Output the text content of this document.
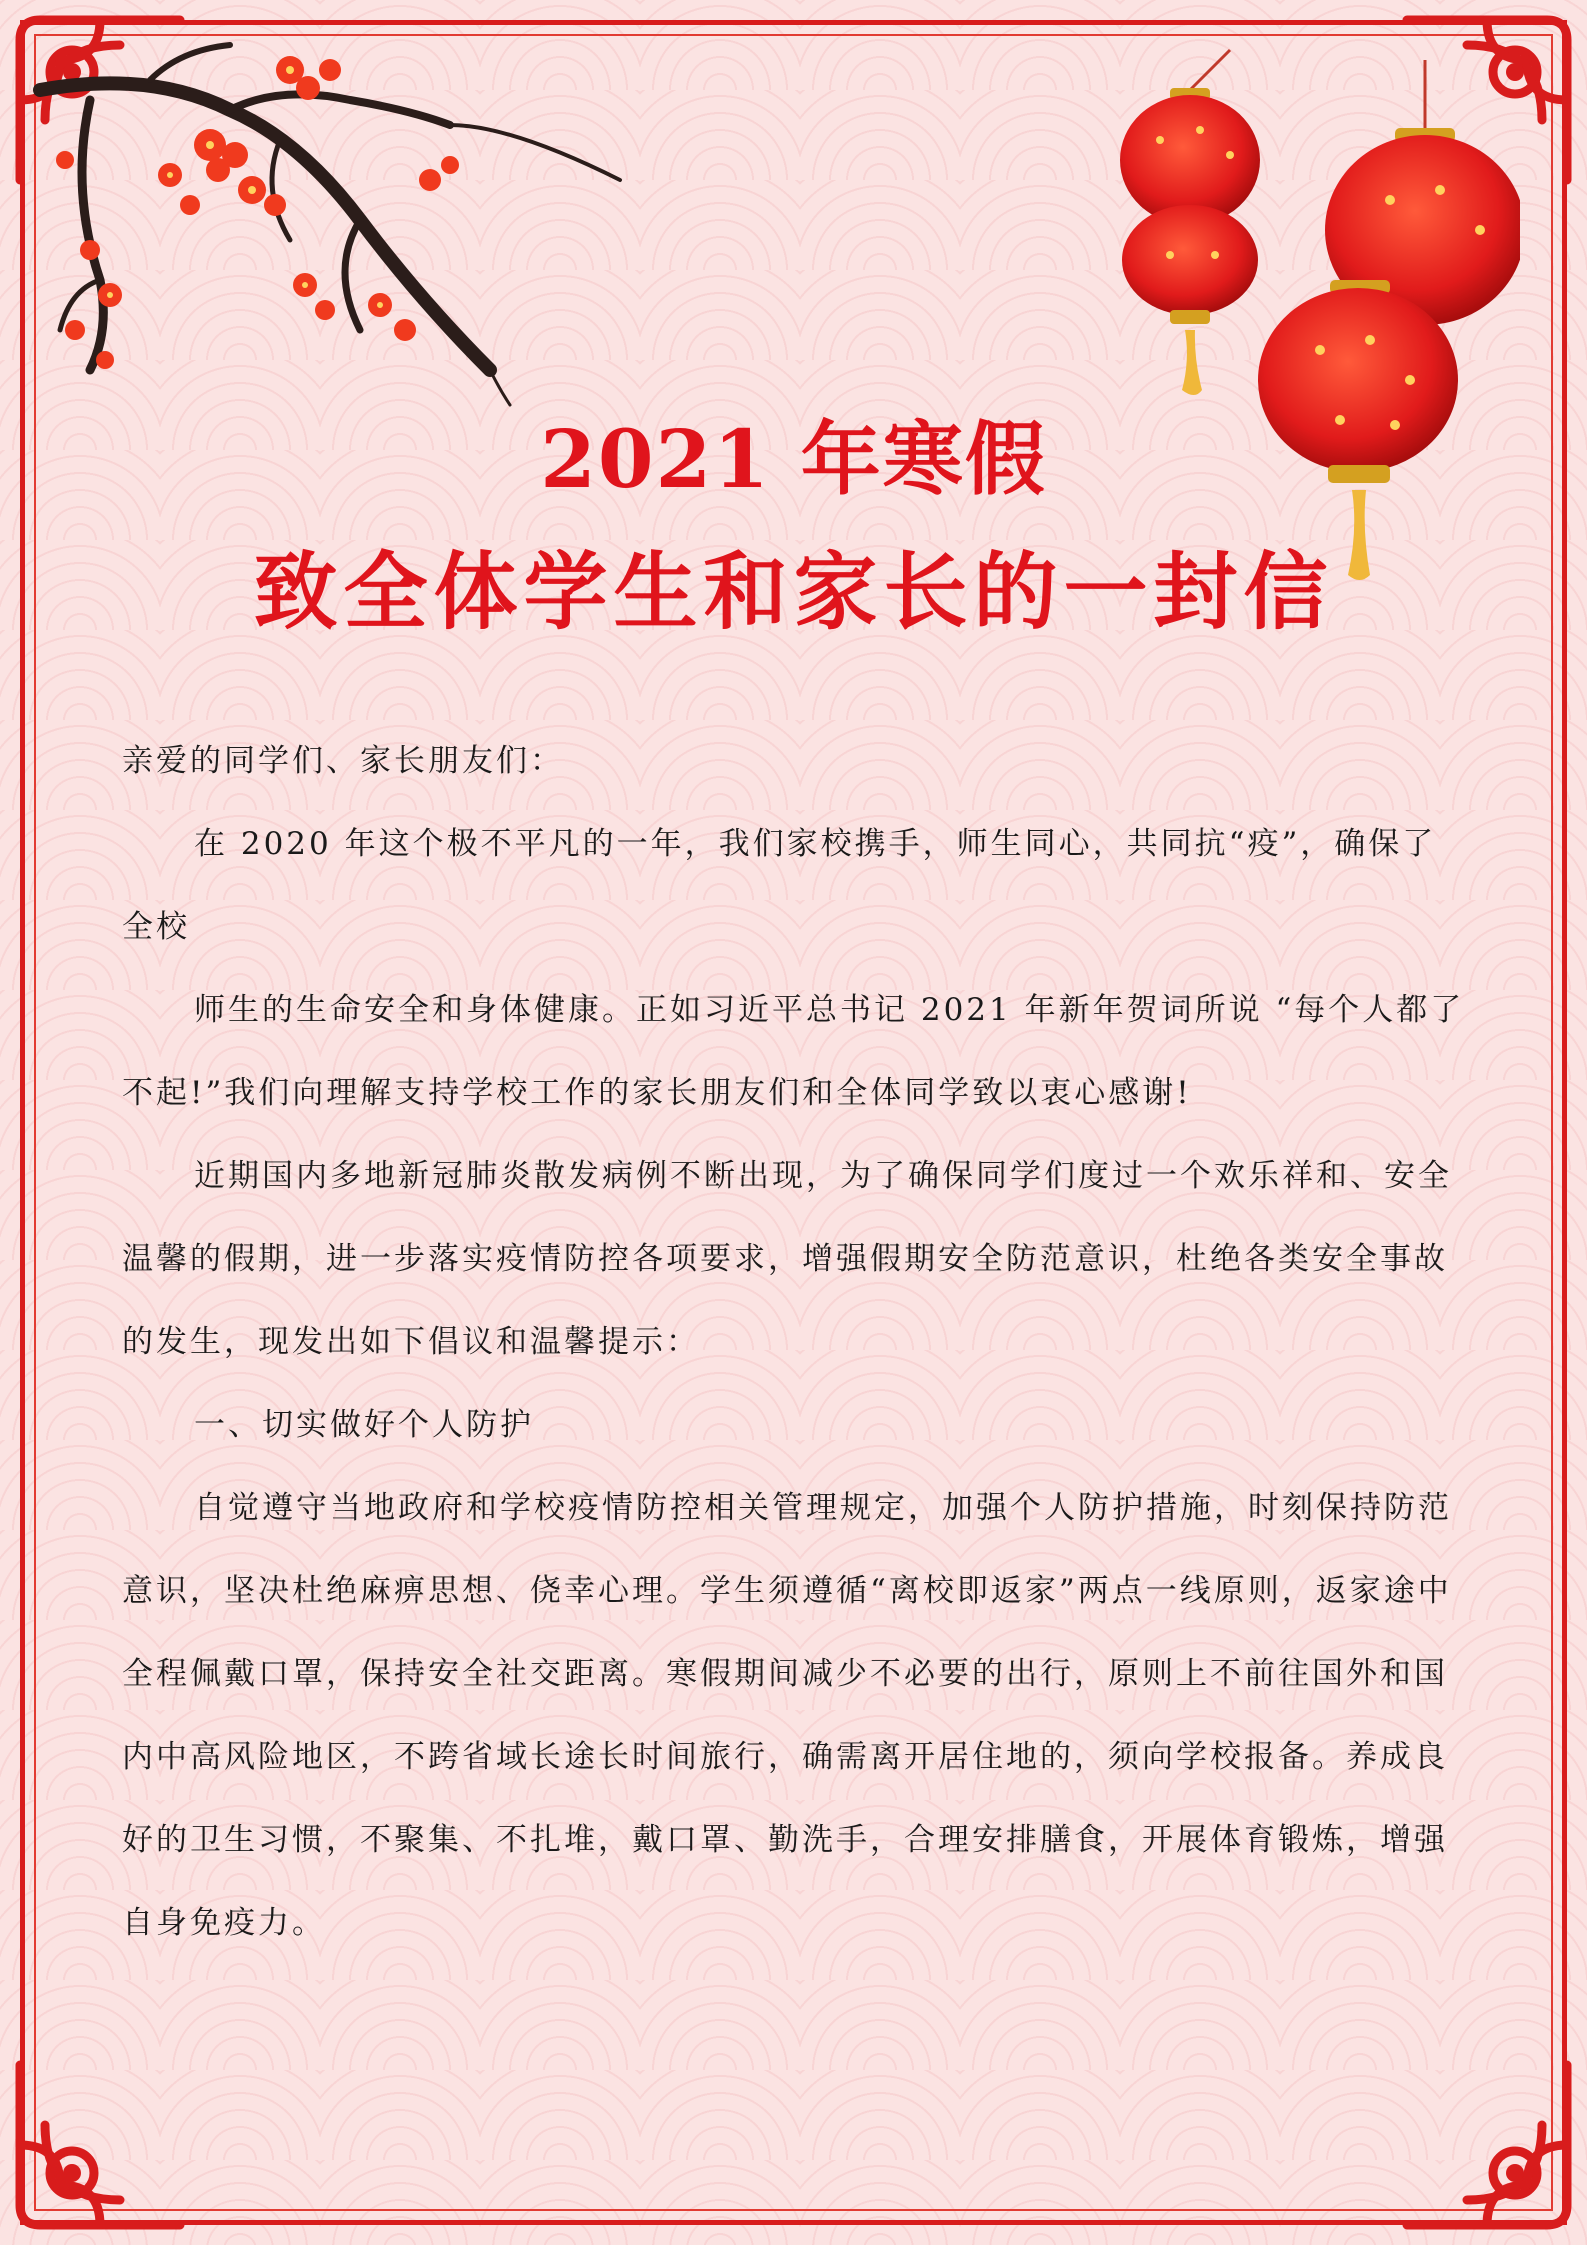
2021 年寒假
致全体学生和家长的一封信

亲爱的同学们、家长朋友们：

在 2020 年这个极不平凡的一年，我们家校携手，师生同心，共同抗“疫”，确保了全校

师生的生命安全和身体健康。正如习近平总书记 2021 年新年贺词所说 “每个人都了不起!”我们向理解支持学校工作的家长朋友们和全体同学致以衷心感谢!

近期国内多地新冠肺炎散发病例不断出现，为了确保同学们度过一个欢乐祥和、安全温馨的假期，进一步落实疫情防控各项要求，增强假期安全防范意识，杜绝各类安全事故的发生，现发出如下倡议和温馨提示：

一、切实做好个人防护

自觉遵守当地政府和学校疫情防控相关管理规定，加强个人防护措施，时刻保持防范意识，坚决杜绝麻痹思想、侥幸心理。学生须遵循“离校即返家”两点一线原则，返家途中全程佩戴口罩，保持安全社交距离。寒假期间减少不必要的出行，原则上不前往国外和国内中高风险地区，不跨省域长途长时间旅行，确需离开居住地的，须向学校报备。养成良好的卫生习惯，不聚集、不扎堆，戴口罩、勤洗手，合理安排膳食，开展体育锻炼，增强自身免疫力。
